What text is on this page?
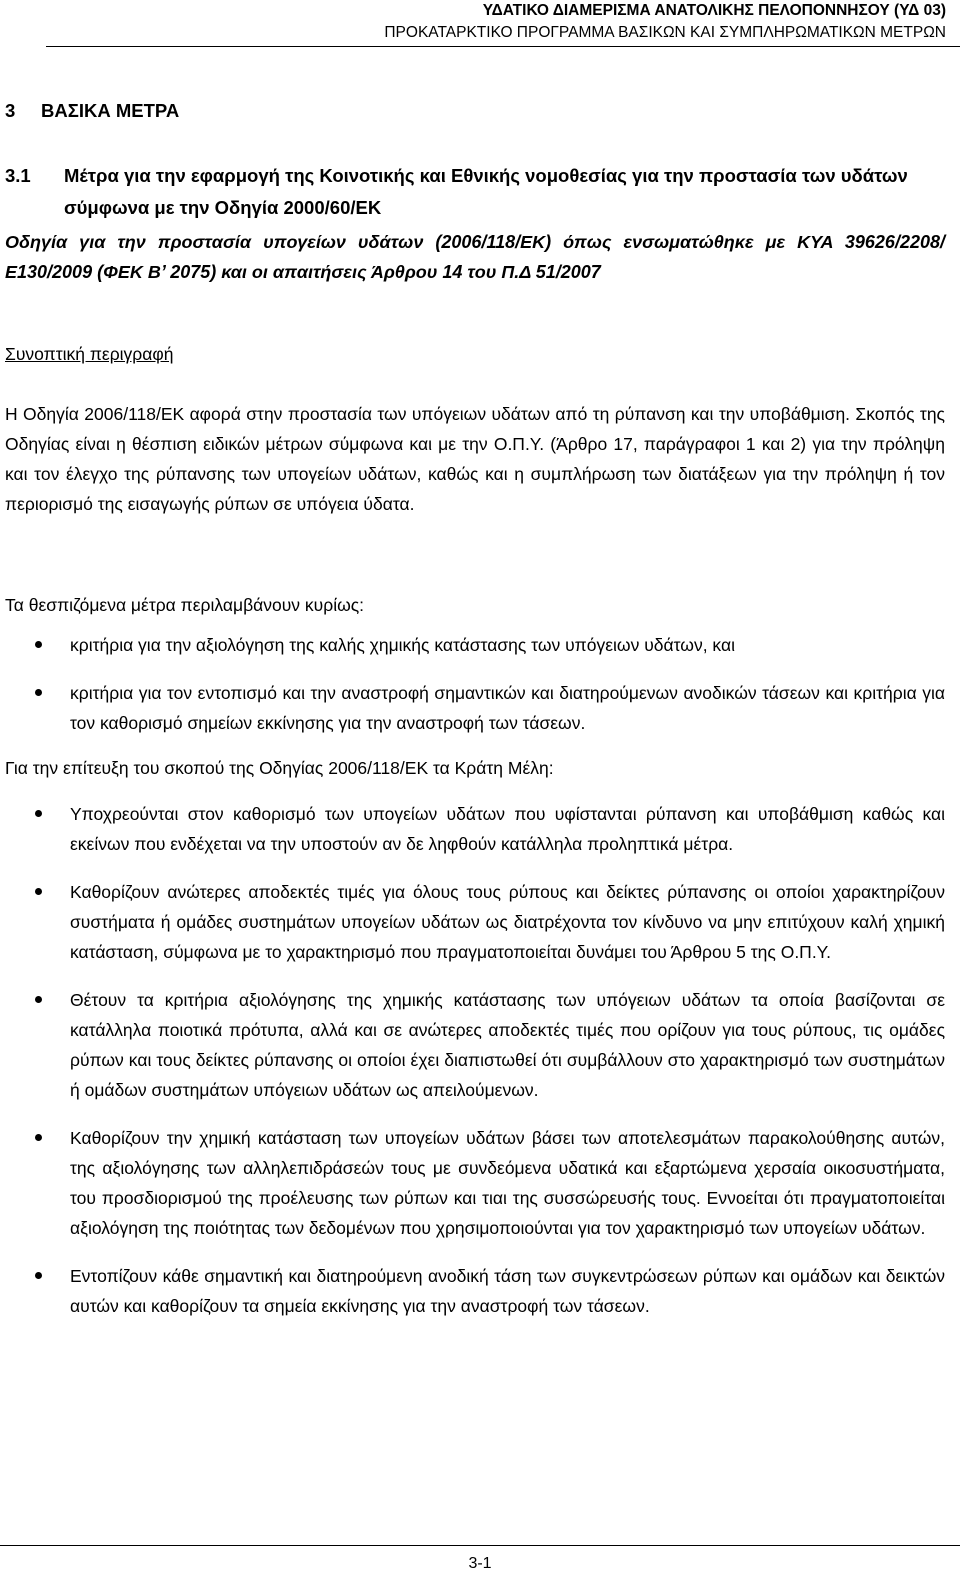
ΥΔΑΤΙΚΟ ΔΙΑΜΕΡΙΣΜΑ ΑΝΑΤΟΛΙΚΗΣ ΠΕΛΟΠΟΝΝΗΣΟΥ (ΥΔ 03)
ΠΡΟΚΑΤΑΡΚΤΙΚΟ ΠΡΟΓΡΑΜΜΑ ΒΑΣΙΚΩΝ ΚΑΙ ΣΥΜΠΛΗΡΩΜΑΤΙΚΩΝ ΜΕΤΡΩΝ
3 ΒΑΣΙΚΑ ΜΕΤΡΑ
3.1	Μέτρα για την εφαρμογή της Κοινοτικής και Εθνικής νομοθεσίας για την προστασία των υδάτων σύμφωνα με την Οδηγία 2000/60/ΕΚ
Οδηγία για την προστασία υπογείων υδάτων (2006/118/ΕΚ) όπως ενσωματώθηκε με ΚΥΑ 39626/2208/Ε130/2009 (ΦΕΚ Β’ 2075) και οι απαιτήσεις Άρθρου 14 του Π.Δ 51/2007

Συνοπτική περιγραφή

Η Οδηγία 2006/118/ΕΚ αφορά στην προστασία των υπόγειων υδάτων από τη ρύπανση και την υποβάθμιση. Σκοπός της Οδηγίας είναι η θέσπιση ειδικών μέτρων σύμφωνα και με την Ο.Π.Υ. (Άρθρο 17, παράγραφοι 1 και 2) για την πρόληψη και τον έλεγχο της ρύπανσης των υπογείων υδάτων, καθώς και η συμπλήρωση των διατάξεων για την πρόληψη ή τον περιορισμό της εισαγωγής ρύπων σε υπόγεια ύδατα.

Τα θεσπιζόμενα μέτρα περιλαμβάνουν κυρίως:

κριτήρια για την αξιολόγηση της καλής χημικής κατάστασης των υπόγειων υδάτων, και
κριτήρια για τον εντοπισμό και την αναστροφή σημαντικών και διατηρούμενων ανοδικών τάσεων και κριτήρια για τον καθορισμό σημείων εκκίνησης για την αναστροφή των τάσεων.

Για την επίτευξη του σκοπού της Οδηγίας 2006/118/ΕΚ τα Κράτη Μέλη:

Υποχρεούνται στον καθορισμό των υπογείων υδάτων που υφίστανται ρύπανση και υποβάθμιση καθώς και εκείνων που ενδέχεται να την υποστούν αν δε ληφθούν κατάλληλα προληπτικά μέτρα.
Καθορίζουν ανώτερες αποδεκτές τιμές για όλους τους ρύπους και δείκτες ρύπανσης οι οποίοι χαρακτηρίζουν συστήματα ή ομάδες συστημάτων υπογείων υδάτων ως διατρέχοντα τον κίνδυνο να μην επιτύχουν καλή χημική κατάσταση, σύμφωνα με το χαρακτηρισμό που πραγματοποιείται δυνάμει του Άρθρου 5 της Ο.Π.Υ.
Θέτουν τα κριτήρια αξιολόγησης της χημικής κατάστασης των υπόγειων υδάτων τα οποία βασίζονται σε κατάλληλα ποιοτικά πρότυπα, αλλά και σε ανώτερες αποδεκτές τιμές που ορίζουν για τους ρύπους, τις ομάδες ρύπων και τους δείκτες ρύπανσης οι οποίοι έχει διαπιστωθεί ότι συμβάλλουν στο χαρακτηρισμό των συστημάτων ή ομάδων συστημάτων υπόγειων υδάτων ως απειλούμενων.
Καθορίζουν την χημική κατάσταση των υπογείων υδάτων βάσει των αποτελεσμάτων παρακολούθησης αυτών, της αξιολόγησης των αλληλεπιδράσεών τους με συνδεόμενα υδατικά και εξαρτώμενα χερσαία οικοσυστήματα, του προσδιορισμού της προέλευσης των ρύπων και τιαι της συσσώρευσής τους. Εννοείται ότι πραγματοποιείται αξιολόγηση της ποιότητας των δεδομένων που χρησιμοποιούνται για τον χαρακτηρισμό των υπογείων υδάτων.
Εντοπίζουν κάθε σημαντική και διατηρούμενη ανοδική τάση των συγκεντρώσεων ρύπων και ομάδων και δεικτών αυτών και καθορίζουν τα σημεία εκκίνησης για την αναστροφή των τάσεων.
3-1
